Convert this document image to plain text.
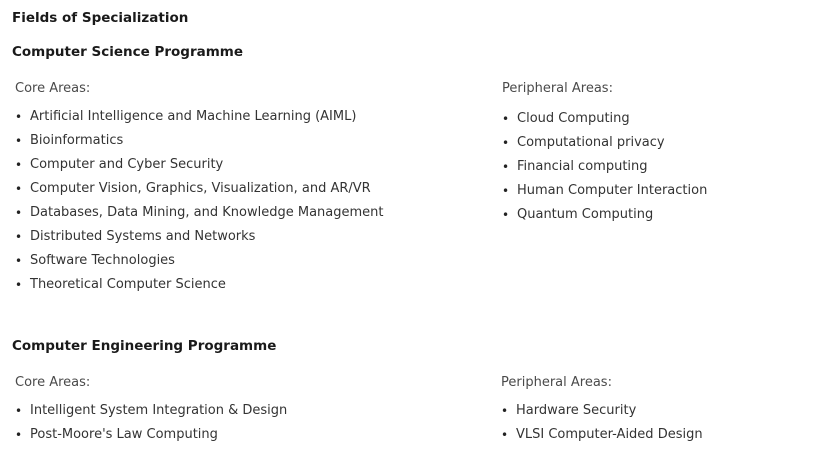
Fields of Specialization
Computer Science Programme
Core Areas:
• Artificial Intelligence and Machine Learning (AIML)
• Bioinformatics
• Computer and Cyber Security
• Computer Vision, Graphics, Visualization, and AR/VR
• Databases, Data Mining, and Knowledge Management
• Distributed Systems and Networks
• Software Technologies
• Theoretical Computer Science
Peripheral Areas:
• Cloud Computing
• Computational privacy
• Financial computing
• Human Computer Interaction
• Quantum Computing
Computer Engineering Programme
Core Areas:
• Intelligent System Integration & Design
• Post-Moore's Law Computing
Peripheral Areas:
• Hardware Security
• VLSI Computer-Aided Design
